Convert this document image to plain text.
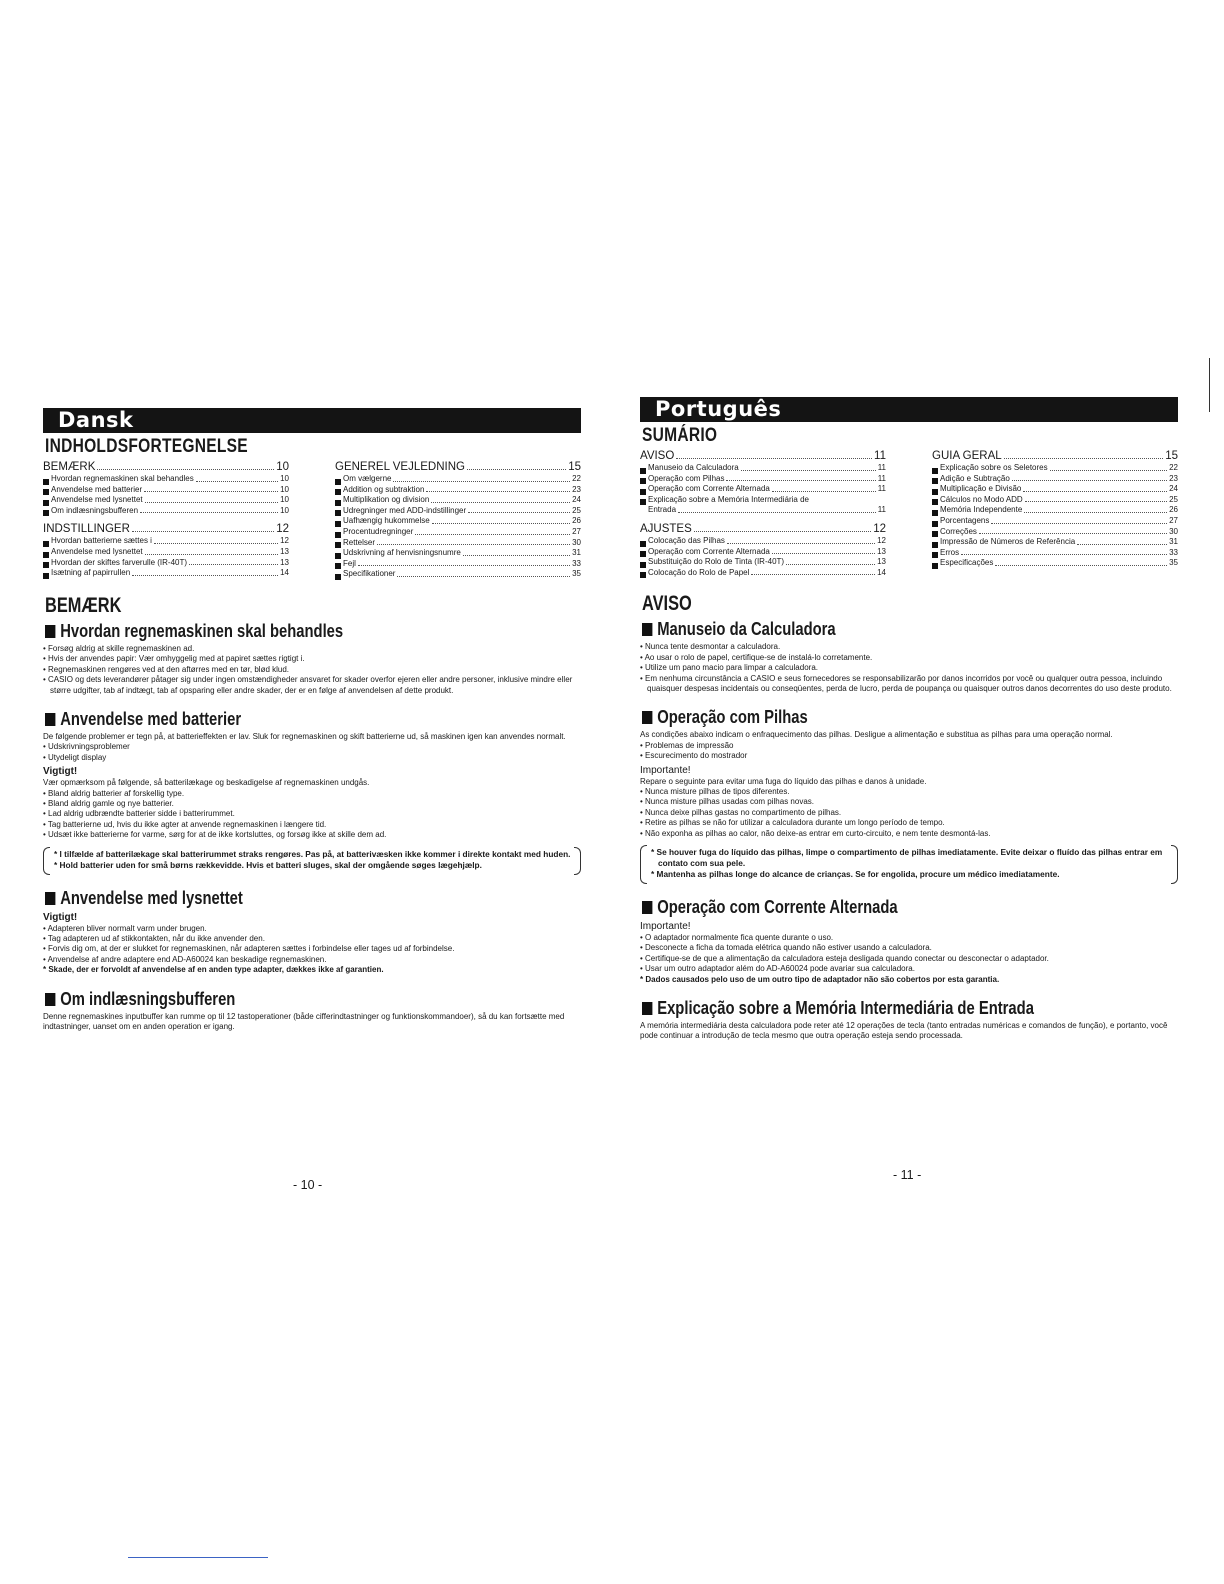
Dansk
INDHOLDSFORTEGNELSE
BEMÆRK	10
Hvordan regnemaskinen skal behandles	10
Anvendelse med batterier	10
Anvendelse med lysnettet	10
Om indlæsningsbufferen	10
INDSTILLINGER	12
Hvordan batterierne sættes i	12
Anvendelse med lysnettet	13
Hvordan der skiftes farverulle (IR-40T)	13
Isætning af papirrullen	14
GENEREL VEJLEDNING	15
Om vælgerne	22
Addition og subtraktion	23
Multiplikation og division	24
Udregninger med ADD-indstillinger	25
Uafhængig hukommelse	26
Procentudregninger	27
Rettelser	30
Udskrivning af henvisningsnumre	31
Fejl	33
Specifikationer	35
BEMÆRK
Hvordan regnemaskinen skal behandles

• Forsøg aldrig at skille regnemaskinen ad.

• Hvis der anvendes papir: Vær omhyggelig med at papiret sættes rigtigt i.

• Regnemaskinen rengøres ved at den aftørres med en tør, blød klud.

• CASIO og dets leverandører påtager sig under ingen omstændigheder ansvaret for skader overfor ejeren eller andre personer, inklusive mindre eller større udgifter, tab af indtægt, tab af opsparing eller andre skader, der er en følge af anvendelsen af dette produkt.

Anvendelse med batterier

De følgende problemer er tegn på, at batterieffekten er lav. Sluk for regnemaskinen og skift batterierne ud, så maskinen igen kan anvendes normalt.

• Udskrivningsproblemer

• Utydeligt display

Vigtigt!

Vær opmærksom på følgende, så batterilækage og beskadigelse af regnemaskinen undgås.

• Bland aldrig batterier af forskellig type.

• Bland aldrig gamle og nye batterier.

• Lad aldrig udbrændte batterier sidde i batterirummet.

• Tag batterierne ud, hvis du ikke agter at anvende regnemaskinen i længere tid.

• Udsæt ikke batterierne for varme, sørg for at de ikke kortsluttes, og forsøg ikke at skille dem ad.

* I tilfælde af batterilækage skal batterirummet straks rengøres. Pas på, at batterivæsken ikke kommer i direkte kontakt med huden.

* Hold batterier uden for små børns rækkevidde. Hvis et batteri sluges, skal der omgående søges lægehjælp.

Anvendelse med lysnettet
Vigtigt!

• Adapteren bliver normalt varm under brugen.

• Tag adapteren ud af stikkontakten, når du ikke anvender den.

• Forvis dig om, at der er slukket for regnemaskinen, når adapteren sættes i forbindelse eller tages ud af forbindelse.

• Anvendelse af andre adaptere end AD-A60024 kan beskadige regnemaskinen.

* Skade, der er forvoldt af anvendelse af en anden type adapter, dækkes ikke af garantien.

Om indlæsningsbufferen

Denne regnemaskines inputbuffer kan rumme op til 12 tastoperationer (både cifferindtastninger og funktionskommandoer), så du kan fortsætte med indtastninger, uanset om en anden operation er igang.

- 10 -
Português
SUMÁRIO
AVISO	11
Manuseio da Calculadora	11
Operação com Pilhas	11
Operação com Corrente Alternada	11
Explicação sobre a Memória Intermediária de
Entrada	11
AJUSTES	12
Colocação das Pilhas	12
Operação com Corrente Alternada	13
Substituição do Rolo de Tinta (IR-40T)	13
Colocação do Rolo de Papel	14
GUIA GERAL	15
Explicação sobre os Seletores	22
Adição e Subtração	23
Multiplicação e Divisão	24
Cálculos no Modo ADD	25
Memória Independente	26
Porcentagens	27
Correções	30
Impressão de Números de Referência	31
Erros	33
Especificações	35
AVISO
Manuseio da Calculadora

• Nunca tente desmontar a calculadora.

• Ao usar o rolo de papel, certifique-se de instalá-lo corretamente.

• Utilize um pano macio para limpar a calculadora.

• Em nenhuma circunstância a CASIO e seus fornecedores se responsabilizarão por danos incorridos por você ou qualquer outra pessoa, incluindo quaisquer despesas incidentais ou conseqüentes, perda de lucro, perda de poupança ou quaisquer outros danos decorrentes do uso deste produto.

Operação com Pilhas

As condições abaixo indicam o enfraquecimento das pilhas. Desligue a alimentação e substitua as pilhas para uma operação normal.

• Problemas de impressão

• Escurecimento do mostrador

Importante!

Repare o seguinte para evitar uma fuga do líquido das pilhas e danos à unidade.

• Nunca misture pilhas de tipos diferentes.

• Nunca misture pilhas usadas com pilhas novas.

• Nunca deixe pilhas gastas no compartimento de pilhas.

• Retire as pilhas se não for utilizar a calculadora durante um longo período de tempo.

• Não exponha as pilhas ao calor, não deixe-as entrar em curto-circuito, e nem tente desmontá-las.

* Se houver fuga do líquido das pilhas, limpe o compartimento de pilhas imediatamente. Evite deixar o fluído das pilhas entrar em contato com sua pele.

* Mantenha as pilhas longe do alcance de crianças. Se for engolida, procure um médico imediatamente.

Operação com Corrente Alternada
Importante!

• O adaptador normalmente fica quente durante o uso.

• Desconecte a ficha da tomada elétrica quando não estiver usando a calculadora.

• Certifique-se de que a alimentação da calculadora esteja desligada quando conectar ou desconectar o adaptador.

• Usar um outro adaptador além do AD-A60024 pode avariar sua calculadora.

* Dados causados pelo uso de um outro tipo de adaptador não são cobertos por esta garantia.

Explicação sobre a Memória Intermediária de Entrada

A memória intermediária desta calculadora pode reter até 12 operações de tecla (tanto entradas numéricas e comandos de função), e portanto, você pode continuar a introdução de tecla mesmo que outra operação esteja sendo processada.

- 11 -
